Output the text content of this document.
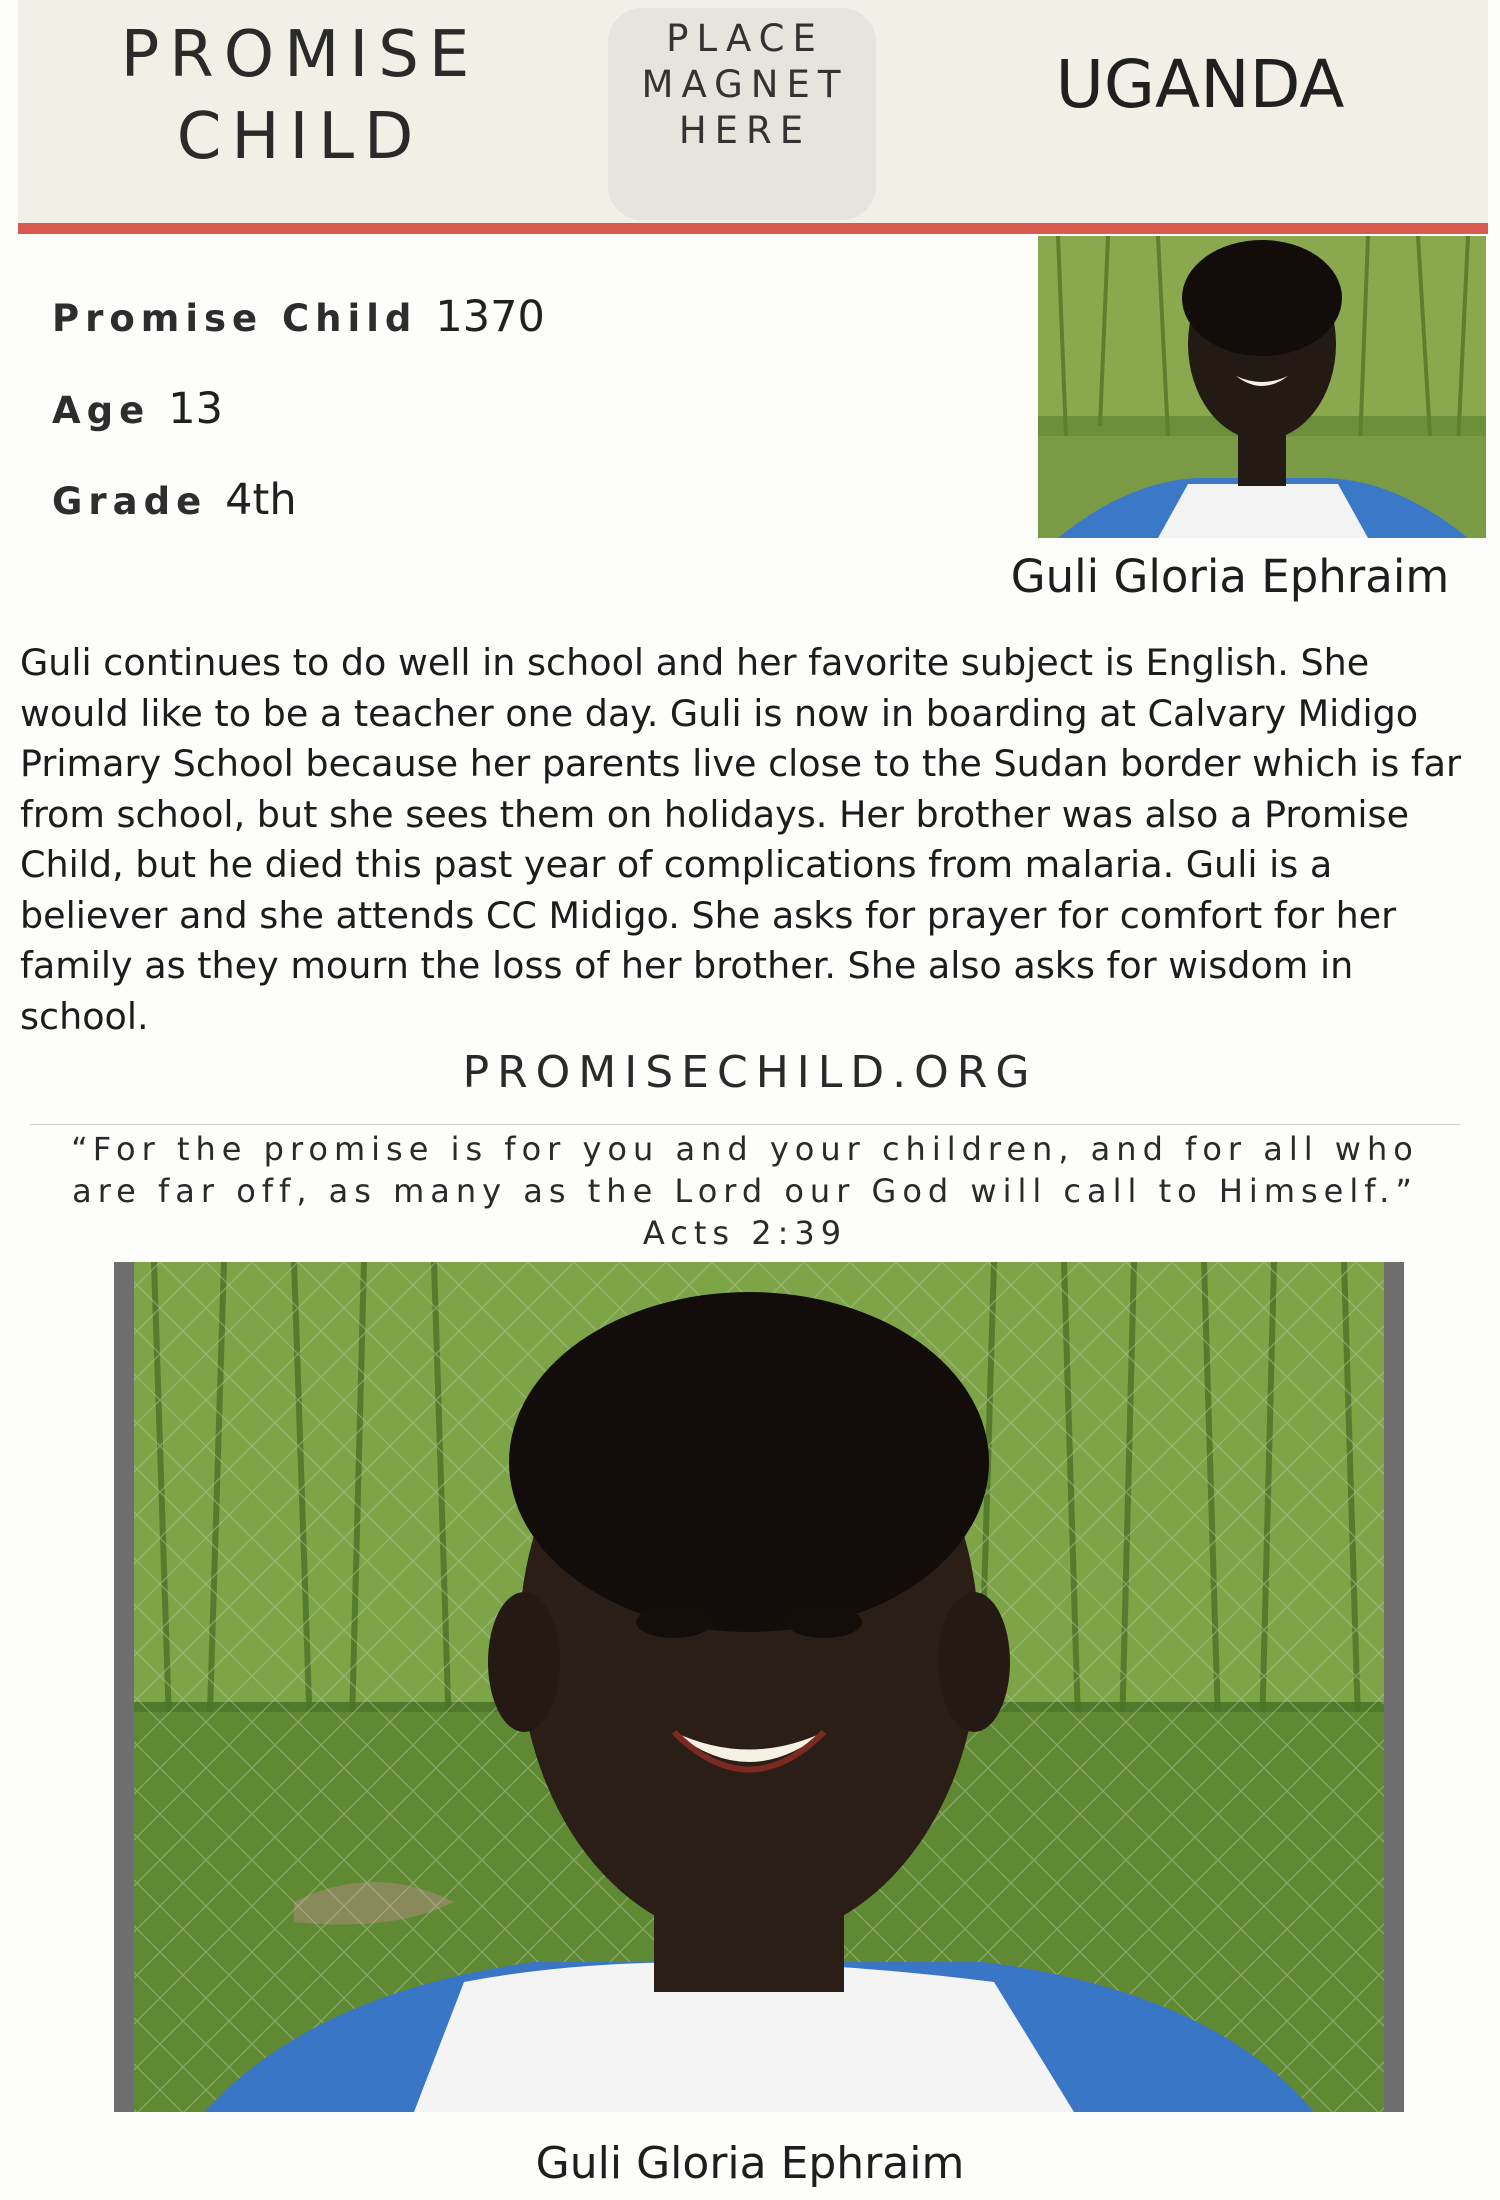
PROMISE
CHILD
PLACE
MAGNET
HERE
UGANDA
Promise Child 1370
Age 13
Grade 4th
Guli Gloria Ephraim
Guli continues to do well in school and her favorite subject is English. She would like to be a teacher one day. Guli is now in boarding at Calvary Midigo Primary School because her parents live close to the Sudan border which is far from school, but she sees them on holidays. Her brother was also a Promise Child, but he died this past year of complications from malaria. Guli is a believer and she attends CC Midigo. She asks for prayer for comfort for her family as they mourn the loss of her brother. She also asks for wisdom in school.
PROMISECHILD.ORG
“For the promise is for you and your children, and for all who
are far off, as many as the Lord our God will call to Himself.”
Acts 2:39
Guli Gloria Ephraim
